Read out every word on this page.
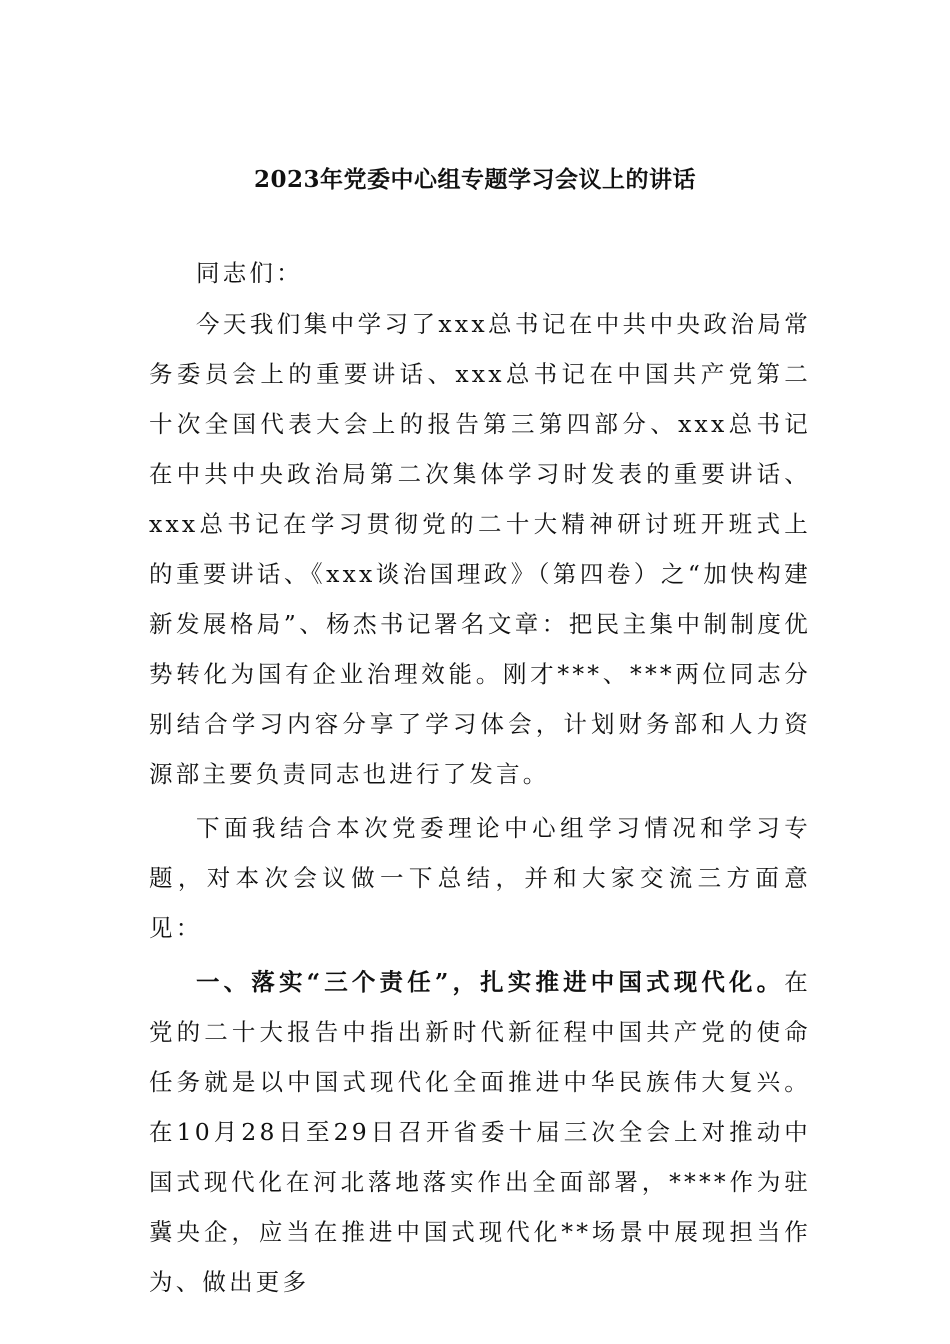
2023年党委中心组专题学习会议上的讲话

同志们：

今天我们集中学习了xxx总书记在中共中央政治局常务委员会上的重要讲话、xxx总书记在中国共产党第二十次全国代表大会上的报告第三第四部分、xxx总书记在中共中央政治局第二次集体学习时发表的重要讲话、xxx总书记在学习贯彻党的二十大精神研讨班开班式上的重要讲话、《xxx谈治国理政》（第四卷）之“加快构建新发展格局”、杨杰书记署名文章：把民主集中制制度优势转化为国有企业治理效能。刚才***、***两位同志分别结合学习内容分享了学习体会，计划财务部和人力资源部主要负责同志也进行了发言。

下面我结合本次党委理论中心组学习情况和学习专题，对本次会议做一下总结，并和大家交流三方面意见：

一、落实“三个责任”，扎实推进中国式现代化。在党的二十大报告中指出新时代新征程中国共产党的使命任务就是以中国式现代化全面推进中华民族伟大复兴。在10月28日至29日召开省委十届三次全会上对推动中国式现代化在河北落地落实作出全面部署，****作为驻冀央企，应当在推进中国式现代化**场景中展现担当作为、做出更多
